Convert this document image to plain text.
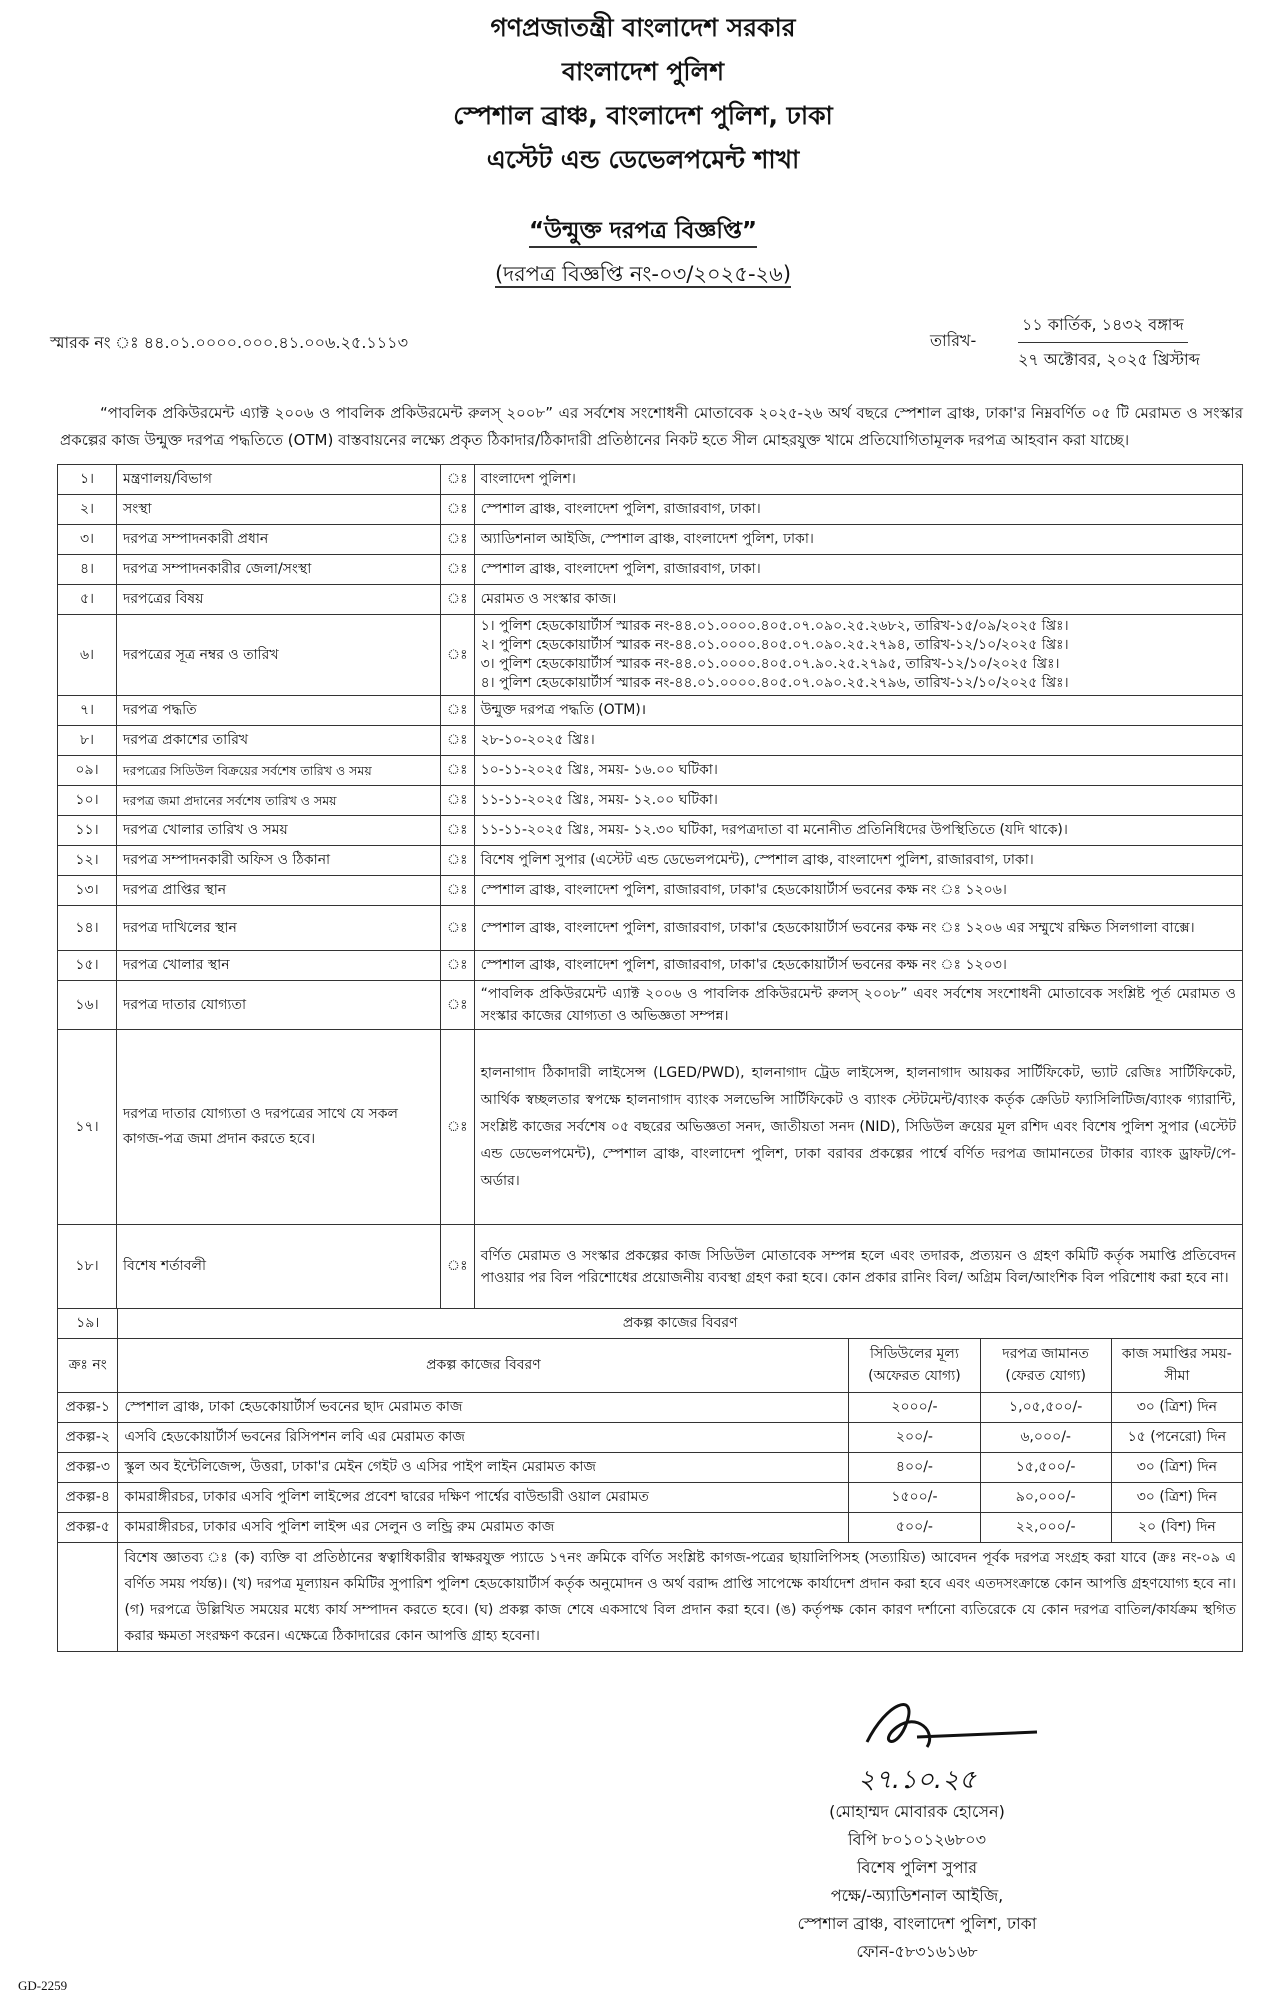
গণপ্রজাতন্ত্রী বাংলাদেশ সরকার
বাংলাদেশ পুলিশ
স্পেশাল ব্রাঞ্চ, বাংলাদেশ পুলিশ, ঢাকা
এস্টেট এন্ড ডেভেলপমেন্ট শাখা
“উন্মুক্ত দরপত্র বিজ্ঞপ্তি”
(দরপত্র বিজ্ঞপ্তি নং-০৩/২০২৫-২৬)
স্মারক নং ঃ ৪৪.০১.০০০০.০০০.৪১.০০৬.২৫.১১১৩	তারিখ-
১১ কার্তিক, ১৪৩২ বঙ্গাব্দ
২৭ অক্টোবর, ২০২৫ খ্রিস্টাব্দ
“পাবলিক প্রকিউরমেন্ট এ্যাক্ট ২০০৬ ও পাবলিক প্রকিউরমেন্ট রুলস্ ২০০৮” এর সর্বশেষ সংশোধনী মোতাবেক ২০২৫-২৬ অর্থ বছরে স্পেশাল ব্রাঞ্চ, ঢাকা'র নিম্নবর্ণিত ০৫ টি মেরামত ও সংস্কার প্রকল্পের কাজ উন্মুক্ত দরপত্র পদ্ধতিতে (OTM) বাস্তবায়নের লক্ষ্যে প্রকৃত ঠিকাদার/ঠিকাদারী প্রতিষ্ঠানের নিকট হতে সীল মোহরযুক্ত খামে প্রতিযোগিতামূলক দরপত্র আহবান করা যাচ্ছে।
১।	মন্ত্রণালয়/বিভাগ	ঃ	বাংলাদেশ পুলিশ।
২।	সংস্থা	ঃ	স্পেশাল ব্রাঞ্চ, বাংলাদেশ পুলিশ, রাজারবাগ, ঢাকা।
৩।	দরপত্র সম্পাদনকারী প্রধান	ঃ	অ্যাডিশনাল আইজি, স্পেশাল ব্রাঞ্চ, বাংলাদেশ পুলিশ, ঢাকা।
৪।	দরপত্র সম্পাদনকারীর জেলা/সংস্থা	ঃ	স্পেশাল ব্রাঞ্চ, বাংলাদেশ পুলিশ, রাজারবাগ, ঢাকা।
৫।	দরপত্রের বিষয়	ঃ	মেরামত ও সংস্কার কাজ।
৬।	দরপত্রের সূত্র নম্বর ও তারিখ	ঃ	১। পুলিশ হেডকোয়ার্টার্স স্মারক নং-৪৪.০১.০০০০.৪০৫.০৭.০৯০.২৫.২৬৮২, তারিখ-১৫/০৯/২০২৫ খ্রিঃ।
২। পুলিশ হেডকোয়ার্টার্স স্মারক নং-৪৪.০১.০০০০.৪০৫.০৭.০৯০.২৫.২৭৯৪, তারিখ-১২/১০/২০২৫ খ্রিঃ।
৩। পুলিশ হেডকোয়ার্টার্স স্মারক নং-৪৪.০১.০০০০.৪০৫.০৭.৯০.২৫.২৭৯৫, তারিখ-১২/১০/২০২৫ খ্রিঃ।
৪। পুলিশ হেডকোয়ার্টার্স স্মারক নং-৪৪.০১.০০০০.৪০৫.০৭.০৯০.২৫.২৭৯৬, তারিখ-১২/১০/২০২৫ খ্রিঃ।

৭।	দরপত্র পদ্ধতি	ঃ	উন্মুক্ত দরপত্র পদ্ধতি (OTM)।
৮।	দরপত্র প্রকাশের তারিখ	ঃ	২৮-১০-২০২৫ খ্রিঃ।
০৯।	দরপত্রের সিডিউল বিক্রয়ের সর্বশেষ তারিখ ও সময়	ঃ	১০-১১-২০২৫ খ্রিঃ, সময়- ১৬.০০ ঘটিকা।
১০।	দরপত্র জমা প্রদানের সর্বশেষ তারিখ ও সময়	ঃ	১১-১১-২০২৫ খ্রিঃ, সময়- ১২.০০ ঘটিকা।
১১।	দরপত্র খোলার তারিখ ও সময়	ঃ	১১-১১-২০২৫ খ্রিঃ, সময়- ১২.৩০ ঘটিকা, দরপত্রদাতা বা মনোনীত প্রতিনিধিদের উপস্থিতিতে (যদি থাকে)।
১২।	দরপত্র সম্পাদনকারী অফিস ও ঠিকানা	ঃ	বিশেষ পুলিশ সুপার (এস্টেট এন্ড ডেভেলপমেন্ট), স্পেশাল ব্রাঞ্চ, বাংলাদেশ পুলিশ, রাজারবাগ, ঢাকা।
১৩।	দরপত্র প্রাপ্তির স্থান	ঃ	স্পেশাল ব্রাঞ্চ, বাংলাদেশ পুলিশ, রাজারবাগ, ঢাকা'র হেডকোয়ার্টার্স ভবনের কক্ষ নং ঃ ১২০৬।
১৪।	দরপত্র দাখিলের স্থান	ঃ	স্পেশাল ব্রাঞ্চ, বাংলাদেশ পুলিশ, রাজারবাগ, ঢাকা'র হেডকোয়ার্টার্স ভবনের কক্ষ নং ঃ ১২০৬ এর সম্মুখে রক্ষিত সিলগালা বাক্সে।
১৫।	দরপত্র খোলার স্থান	ঃ	স্পেশাল ব্রাঞ্চ, বাংলাদেশ পুলিশ, রাজারবাগ, ঢাকা'র হেডকোয়ার্টার্স ভবনের কক্ষ নং ঃ ১২০৩।
১৬।	দরপত্র দাতার যোগ্যতা	ঃ	“পাবলিক প্রকিউরমেন্ট এ্যাক্ট ২০০৬ ও পাবলিক প্রকিউরমেন্ট রুলস্ ২০০৮” এবং সর্বশেষ সংশোধনী মোতাবেক সংশ্লিষ্ট পূর্ত মেরামত ও সংস্কার কাজের যোগ্যতা ও অভিজ্ঞতা সম্পন্ন।
১৭।	দরপত্র দাতার যোগ্যতা ও দরপত্রের সাথে যে সকল কাগজ-পত্র জমা প্রদান করতে হবে।	ঃ	হালনাগাদ ঠিকাদারী লাইসেন্স (LGED/PWD), হালনাগাদ ট্রেড লাইসেন্স, হালনাগাদ আয়কর সার্টিফিকেট, ভ্যাট রেজিঃ সার্টিফিকেট, আর্থিক স্বচ্ছলতার স্বপক্ষে হালনাগাদ ব্যাংক সলভেন্সি সার্টিফিকেট ও ব্যাংক স্টেটমেন্ট/ব্যাংক কর্তৃক ক্রেডিট ফ্যাসিলিটিজ/ব্যাংক গ্যারান্টি, সংশ্লিষ্ট কাজের সর্বশেষ ০৫ বছরের অভিজ্ঞতা সনদ, জাতীয়তা সনদ (NID), সিডিউল ক্রয়ের মূল রশিদ এবং বিশেষ পুলিশ সুপার (এস্টেট এন্ড ডেভেলপমেন্ট), স্পেশাল ব্রাঞ্চ, বাংলাদেশ পুলিশ, ঢাকা বরাবর প্রকল্পের পার্শ্বে বর্ণিত দরপত্র জামানতের টাকার ব্যাংক ড্রাফট/পে-অর্ডার।
১৮।	বিশেষ শর্তাবলী	ঃ	বর্ণিত মেরামত ও সংস্কার প্রকল্পের কাজ সিডিউল মোতাবেক সম্পন্ন হলে এবং তদারক, প্রত্যয়ন ও গ্রহণ কমিটি কর্তৃক সমাপ্তি প্রতিবেদন পাওয়ার পর বিল পরিশোধের প্রয়োজনীয় ব্যবস্থা গ্রহণ করা হবে। কোন প্রকার রানিং বিল/ অগ্রিম বিল/আংশিক বিল পরিশোধ করা হবে না।
১৯।	প্রকল্প কাজের বিবরণ			
ক্রঃ নং	প্রকল্প কাজের বিবরণ	সিডিউলের মূল্য (অফেরত যোগ্য)	দরপত্র জামানত (ফেরত যোগ্য)	কাজ সমাপ্তির সময়-সীমা
প্রকল্প-১	স্পেশাল ব্রাঞ্চ, ঢাকা হেডকোয়ার্টার্স ভবনের ছাদ মেরামত কাজ	২০০০/-	১,০৫,৫০০/-	৩০ (ত্রিশ) দিন
প্রকল্প-২	এসবি হেডকোয়ার্টার্স ভবনের রিসিপশন লবি এর মেরামত কাজ	২০০/-	৬,০০০/-	১৫ (পনেরো) দিন
প্রকল্প-৩	স্কুল অব ইন্টেলিজেন্স, উত্তরা, ঢাকা'র মেইন গেইট ও এসির পাইপ লাইন মেরামত কাজ	৪০০/-	১৫,৫০০/-	৩০ (ত্রিশ) দিন
প্রকল্প-৪	কামরাঙ্গীরচর, ঢাকার এসবি পুলিশ লাইন্সের প্রবেশ দ্বারের দক্ষিণ পার্শ্বের বাউন্ডারী ওয়াল মেরামত	১৫০০/-	৯০,০০০/-	৩০ (ত্রিশ) দিন
প্রকল্প-৫	কামরাঙ্গীরচর, ঢাকার এসবি পুলিশ লাইন্স এর সেলুন ও লন্ড্রি রুম মেরামত কাজ	৫০০/-	২২,০০০/-	২০ (বিশ) দিন
	বিশেষ জ্ঞাতব্য ঃ (ক) ব্যক্তি বা প্রতিষ্ঠানের স্বত্বাধিকারীর স্বাক্ষরযুক্ত প্যাডে ১৭নং ক্রমিকে বর্ণিত সংশ্লিষ্ট কাগজ-পত্রের ছায়ালিপিসহ (সত্যায়িত) আবেদন পূর্বক দরপত্র সংগ্রহ করা যাবে (ক্রঃ নং-০৯ এ বর্ণিত সময় পর্যন্ত)। (খ) দরপত্র মূল্যায়ন কমিটির সুপারিশ পুলিশ হেডকোয়ার্টার্স কর্তৃক অনুমোদন ও অর্থ বরাদ্দ প্রাপ্তি সাপেক্ষে কার্যাদেশ প্রদান করা হবে এবং এতদসংক্রান্তে কোন আপত্তি গ্রহণযোগ্য হবে না। (গ) দরপত্রে উল্লিখিত সময়ের মধ্যে কার্য সম্পাদন করতে হবে। (ঘ) প্রকল্প কাজ শেষে একসাথে বিল প্রদান করা হবে। (ঙ) কর্তৃপক্ষ কোন কারণ দর্শানো ব্যতিরেকে যে কোন দরপত্র বাতিল/কার্যক্রম স্থগিত করার ক্ষমতা সংরক্ষণ করেন। এক্ষেত্রে ঠিকাদারের কোন আপত্তি গ্রাহ্য হবেনা।			
২৭.১০.২৫
(মোহাম্মদ মোবারক হোসেন)
বিপি ৮০১০১২৬৮০৩
বিশেষ পুলিশ সুপার
পক্ষে/-অ্যাডিশনাল আইজি,
স্পেশাল ব্রাঞ্চ, বাংলাদেশ পুলিশ, ঢাকা
ফোন-৫৮৩১৬১৬৮
GD-2259
